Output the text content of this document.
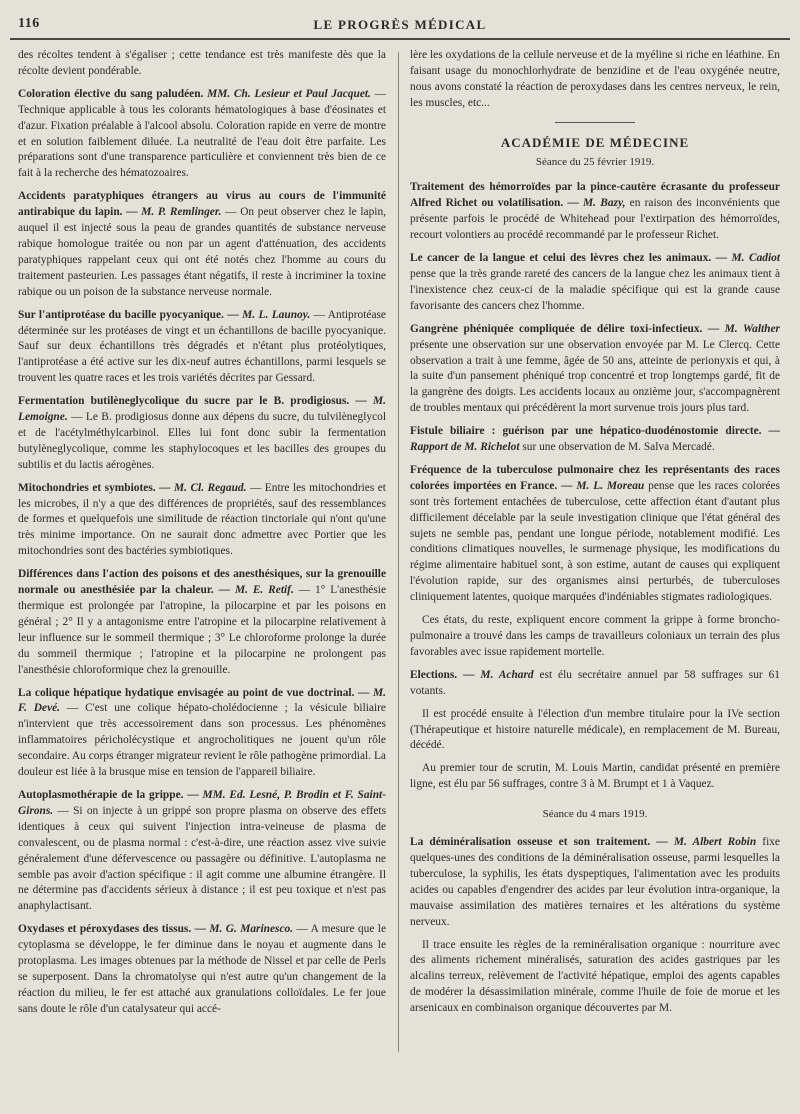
116	LE PROGRÈS MÉDICAL

des récoltes tendent à s'égaliser ; cette tendance est très manifeste dès que la récolte devient pondérable.

Coloration élective du sang paludéen. MM. Ch. Lesieur et Paul Jacquet. — Technique applicable à tous les colorants hématologiques à base d'éosinates et d'azur. Fixation préalable à l'alcool absolu. Coloration rapide en verre de montre et en solution faiblement diluée. La neutralité de l'eau doit être parfaite. Les préparations sont d'une transparence particulière et conviennent très bien de ce fait à la recherche des hématozoaires.

Accidents paratyphiques étrangers au virus au cours de l'immunité antirabique du lapin. — M. P. Remlinger. — On peut observer chez le lapin, auquel il est injecté sous la peau de grandes quantités de substance nerveuse rabique homologue traitée ou non par un agent d'atténuation, des accidents paratyphiques rappelant ceux qui ont été notés chez l'homme au cours du traitement pasteurien. Les passages étant négatifs, il reste à incriminer la toxine rabique ou un poison de la substance nerveuse normale.

Sur l'antiprotéase du bacille pyocyanique. — M. L. Launoy. — Antiprotéase déterminée sur les protéases de vingt et un échantillons de bacille pyocyanique. Sauf sur deux échantillons très dégradés et n'étant plus protéolytiques, l'antiprotéase a été active sur les dix-neuf autres échantillons, parmi lesquels se trouvent les quatre races et les trois variétés décrites par Gessard.

Fermentation butilèneglycolique du sucre par le B. prodigiosus. — M. Lemoigne. — Le B. prodigiosus donne aux dépens du sucre, du tulvilèneglycol et de l'acétylméthylcarbinol. Elles lui font donc subir la fermentation butylèneglycolique, comme les staphylocoques et les bacilles des groupes du subtilis et du lactis aérogènes.

Mitochondries et symbiotes. — M. Cl. Regaud. — Entre les mitochondries et les microbes, il n'y a que des différences de propriétés, sauf des ressemblances de formes et quelquefois une similitude de réaction tinctoriale qui n'ont qu'une très minime importance. On ne saurait donc admettre avec Portier que les mitochondries sont des bactéries symbiotiques.

Différences dans l'action des poisons et des anesthésiques, sur la grenouille normale ou anesthésiée par la chaleur. — M. E. Retif. — 1° L'anesthésie thermique est prolongée par l'atropine, la pilocarpine et par les poisons en général ; 2° Il y a antagonisme entre l'atropine et la pilocarpine relativement à leur influence sur le sommeil thermique ; 3° Le chloroforme prolonge la durée du sommeil thermique ; l'atropine et la pilocarpine ne prolongent pas l'anesthésie chloroformique chez la grenouille.

La colique hépatique hydatique envisagée au point de vue doctrinal. — M. F. Devé. — C'est une colique hépato-cholédocienne ; la vésicule biliaire n'intervient que très accessoirement dans son processus. Les phénomènes inflammatoires péricholécystique et angrocholitiques ne jouent qu'un rôle secondaire. Au corps étranger migrateur revient le rôle pathogène primordial. La douleur est liée à la brusque mise en tension de l'appareil biliaire.

Autoplasmothérapie de la grippe. — MM. Ed. Lesné, P. Brodin et F. Saint-Girons. — Si on injecte à un grippé son propre plasma on observe des effets identiques à ceux qui suivent l'injection intra-veineuse de plasma de convalescent, ou de plasma normal : c'est-à-dire, une réaction assez vive suivie généralement d'une défervescence ou passagère ou définitive. L'autoplasma ne semble pas avoir d'action spécifique : il agit comme une albumine étrangère. Il ne détermine pas d'accidents sérieux à distance ; il est peu toxique et n'est pas anaphylactisant.

Oxydases et péroxydases des tissus. — M. G. Marinesco. — A mesure que le cytoplasma se développe, le fer diminue dans le noyau et augmente dans le protoplasma. Les images obtenues par la méthode de Nissel et par celle de Perls se superposent. Dans la chromatolyse qui n'est autre qu'un changement de la réaction du milieu, le fer est attaché aux granulations colloïdales. Le fer joue sans doute le rôle d'un catalysateur qui accé-

lère les oxydations de la cellule nerveuse et de la myéline si riche en léathine. En faisant usage du monochlorhydrate de benzidine et de l'eau oxygénée neutre, nous avons constaté la réaction de peroxydases dans les centres nerveux, le rein, les muscles, etc...

ACADÉMIE DE MÉDECINE
Séance du 25 février 1919.

Traitement des hémorroïdes par la pince-cautère écrasante du professeur Alfred Richet ou volatilisation. — M. Bazy, en raison des inconvénients que présente parfois le procédé de Whitehead pour l'extirpation des hémorroïdes, recourt volontiers au procédé recommandé par le professeur Richet.

Le cancer de la langue et celui des lèvres chez les animaux. — M. Cadiot pense que la très grande rareté des cancers de la langue chez les animaux tient à l'inexistence chez ceux-ci de la maladie spécifique qui est la grande cause favorisante des cancers chez l'homme.

Gangrène phéniquée compliquée de délire toxi-infectieux. — M. Walther présente une observation sur une observation envoyée par M. Le Clercq. Cette observation a trait à une femme, âgée de 50 ans, atteinte de perionyxis et qui, à la suite d'un pansement phéniqué trop concentré et trop longtemps gardé, fit de la gangrène des doigts. Les accidents locaux au onzième jour, s'accompagnèrent de troubles mentaux qui précédèrent la mort survenue trois jours plus tard.

Fistule biliaire : guérison par une hépatico-duodénostomie directe. — Rapport de M. Richelot sur une observation de M. Salva Mercadé.

Fréquence de la tuberculose pulmonaire chez les représentants des races colorées importées en France. — M. L. Moreau pense que les races colorées sont très fortement entachées de tuberculose, cette affection étant d'autant plus difficilement décelable par la seule investigation clinique que l'état général des sujets ne semble pas, pendant une longue période, notablement modifié. Les conditions climatiques nouvelles, le surmenage physique, les modifications du régime alimentaire habituel sont, à son estime, autant de causes qui expliquent l'évolution rapide, sur des organismes ainsi perturbés, de tuberculoses cliniquement latentes, quoique marquées d'indéniables stigmates radiologiques.

Ces états, du reste, expliquent encore comment la grippe à forme broncho-pulmonaire a trouvé dans les camps de travailleurs coloniaux un terrain des plus favorables avec issue rapidement mortelle.

Elections. — M. Achard est élu secrétaire annuel par 58 suffrages sur 61 votants.

Il est procédé ensuite à l'élection d'un membre titulaire pour la IVe section (Thérapeutique et histoire naturelle médicale), en remplacement de M. Bureau, décédé.

Au premier tour de scrutin, M. Louis Martin, candidat présenté en première ligne, est élu par 56 suffrages, contre 3 à M. Brumpt et 1 à Vaquez.

Séance du 4 mars 1919.

La déminéralisation osseuse et son traitement. — M. Albert Robin fixe quelques-unes des conditions de la déminéralisation osseuse, parmi lesquelles la tuberculose, la syphilis, les états dyspeptiques, l'alimentation avec les produits acides ou capables d'engendrer des acides par leur évolution intra-organique, la mauvaise assimilation des matières ternaires et les altérations du système nerveux.

Il trace ensuite les règles de la reminéralisation organique : nourriture avec des aliments richement minéralisés, saturation des acides gastriques par les alcalins terreux, relèvement de l'activité hépatique, emploi des agents capables de modérer la désassimilation minérale, comme l'huile de foie de morue et les arsenicaux en combinaison organique découvertes par M.
